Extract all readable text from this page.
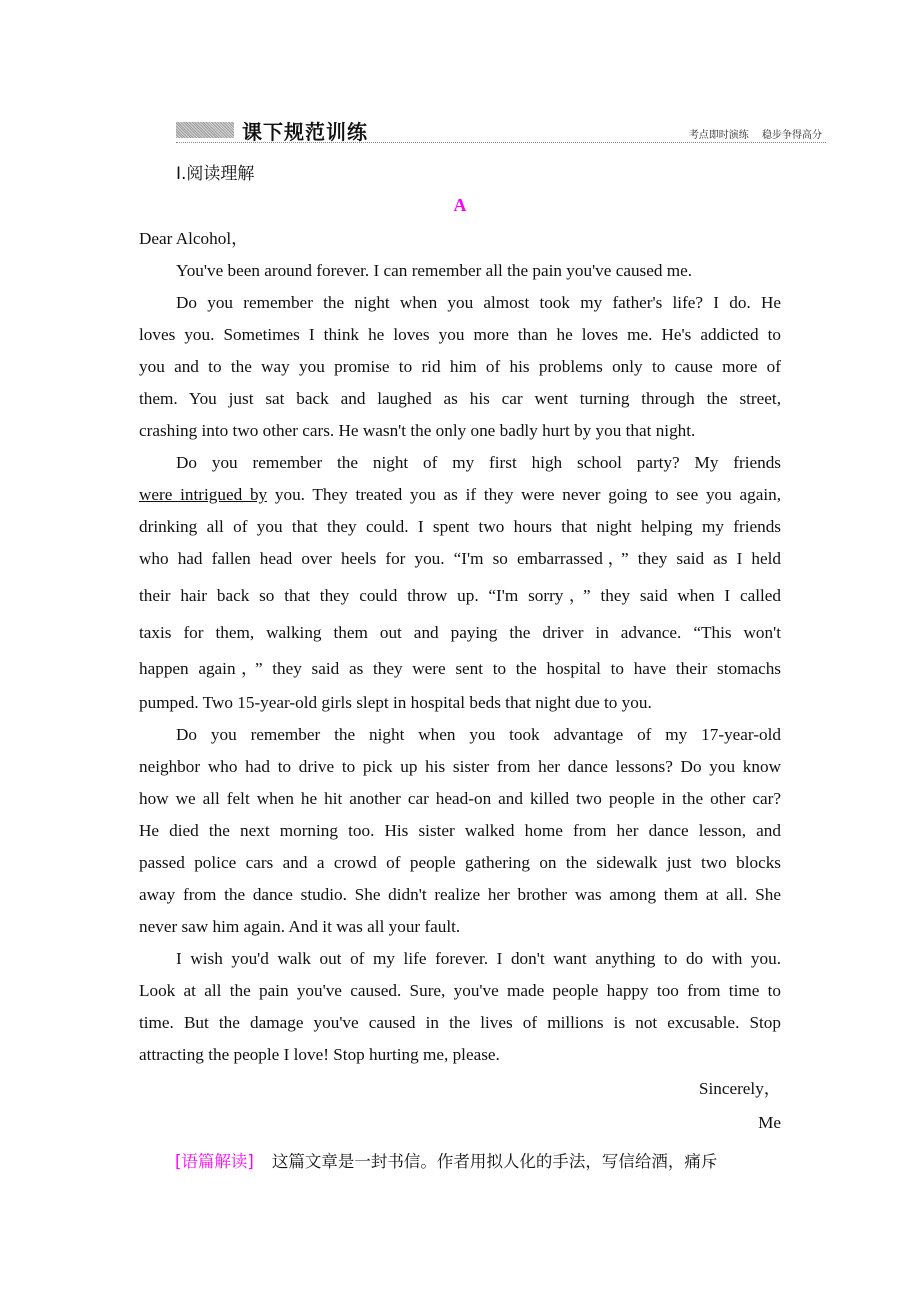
课下规范训练	考点即时演练 稳步争得高分
Ⅰ.阅读理解
A
Dear Alcohol，
You've been around forever. I can remember all the pain you've caused me.
Do you remember the night when you almost took my father's life? I do. He
loves you. Sometimes I think he loves you more than he loves me. He's addicted to
you and to the way you promise to rid him of his problems only to cause more of
them. You just sat back and laughed as his car went turning through the street,
crashing into two other cars. He wasn't the only one badly hurt by you that night.
Do you remember the night of my first high school party? My friends
were intrigued by you. They treated you as if they were never going to see you again,
drinking all of you that they could. I spent two hours that night helping my friends
who had fallen head over heels for you. “I'm so embarrassed，” they said as I held
their hair back so that they could throw up. “I'm sorry，” they said when I called
taxis for them, walking them out and paying the driver in advance. “This won't
happen again，” they said as they were sent to the hospital to have their stomachs
pumped. Two 15-year-old girls slept in hospital beds that night due to you.
Do you remember the night when you took advantage of my 17-year-old
neighbor who had to drive to pick up his sister from her dance lessons? Do you know
how we all felt when he hit another car head-on and killed two people in the other car?
He died the next morning too. His sister walked home from her dance lesson, and
passed police cars and a crowd of people gathering on the sidewalk just two blocks
away from the dance studio. She didn't realize her brother was among them at all. She
never saw him again. And it was all your fault.
I wish you'd walk out of my life forever. I don't want anything to do with you.
Look at all the pain you've caused. Sure, you've made people happy too from time to
time. But the damage you've caused in the lives of millions is not excusable. Stop
attracting the people I love! Stop hurting me, please.
Sincerely，
Me
[语篇解读] 这篇文章是一封书信。作者用拟人化的手法，写信给酒，痛斥
